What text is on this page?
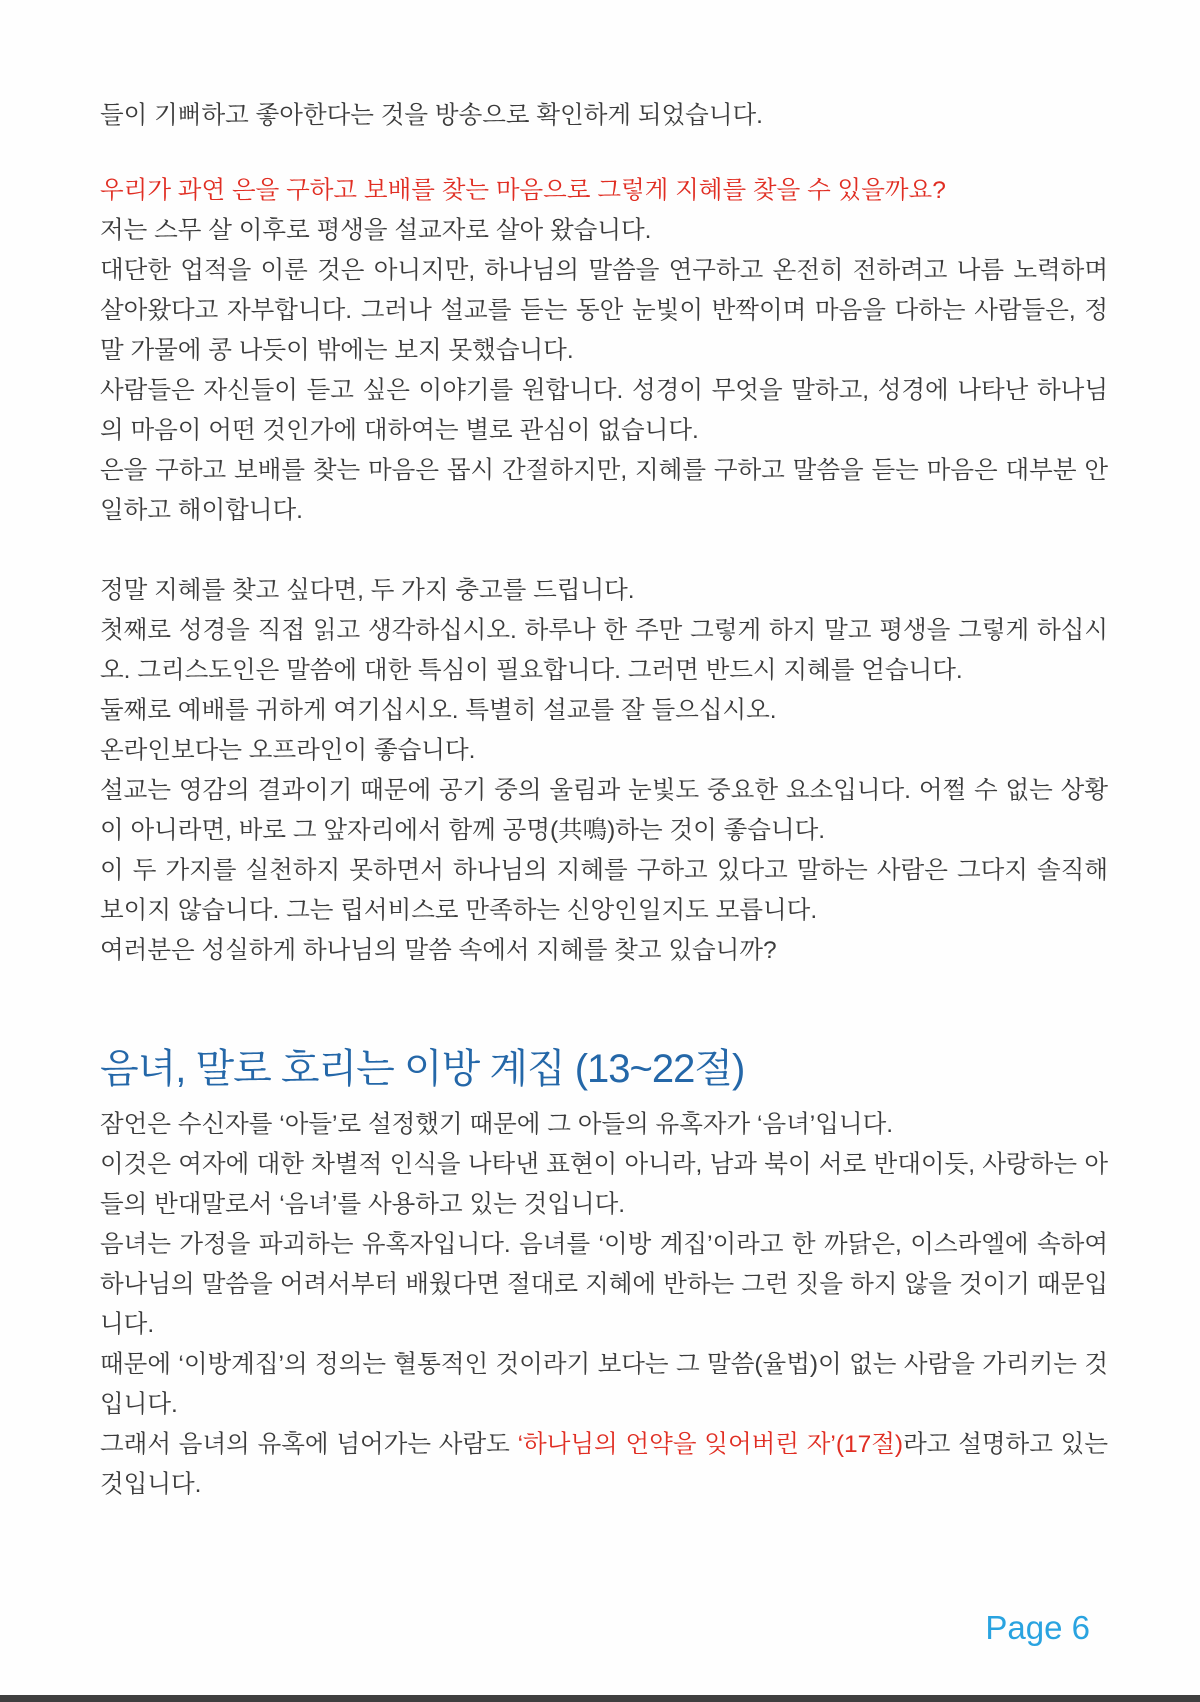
들이 기뻐하고 좋아한다는 것을 방송으로 확인하게 되었습니다.

우리가 과연 은을 구하고 보배를 찾는 마음으로 그렇게 지혜를 찾을 수 있을까요?

저는 스무 살 이후로 평생을 설교자로 살아 왔습니다.

대단한 업적을 이룬 것은 아니지만, 하나님의 말씀을 연구하고 온전히 전하려고 나름 노력하며 살아왔다고 자부합니다. 그러나 설교를 듣는 동안 눈빛이 반짝이며 마음을 다하는 사람들은, 정말 가물에 콩 나듯이 밖에는 보지 못했습니다.

사람들은 자신들이 듣고 싶은 이야기를 원합니다. 성경이 무엇을 말하고, 성경에 나타난 하나님의 마음이 어떤 것인가에 대하여는 별로 관심이 없습니다.

은을 구하고 보배를 찾는 마음은 몹시 간절하지만, 지혜를 구하고 말씀을 듣는 마음은 대부분 안일하고 해이합니다.

정말 지혜를 찾고 싶다면, 두 가지 충고를 드립니다.

첫째로 성경을 직접 읽고 생각하십시오. 하루나 한 주만 그렇게 하지 말고 평생을 그렇게 하십시오. 그리스도인은 말씀에 대한 특심이 필요합니다. 그러면 반드시 지혜를 얻습니다.

둘째로 예배를 귀하게 여기십시오. 특별히 설교를 잘 들으십시오.

온라인보다는 오프라인이 좋습니다.

설교는 영감의 결과이기 때문에 공기 중의 울림과 눈빛도 중요한 요소입니다. 어쩔 수 없는 상황이 아니라면, 바로 그 앞자리에서 함께 공명(共鳴)하는 것이 좋습니다.

이 두 가지를 실천하지 못하면서 하나님의 지혜를 구하고 있다고 말하는 사람은 그다지 솔직해 보이지 않습니다. 그는 립서비스로 만족하는 신앙인일지도 모릅니다.

여러분은 성실하게 하나님의 말씀 속에서 지혜를 찾고 있습니까?

음녀, 말로 호리는 이방 계집 (13~22절)

잠언은 수신자를 ‘아들’로 설정했기 때문에 그 아들의 유혹자가 ‘음녀’입니다.

이것은 여자에 대한 차별적 인식을 나타낸 표현이 아니라, 남과 북이 서로 반대이듯, 사랑하는 아들의 반대말로서 ‘음녀’를 사용하고 있는 것입니다.

음녀는 가정을 파괴하는 유혹자입니다. 음녀를 ‘이방 계집’이라고 한 까닭은, 이스라엘에 속하여 하나님의 말씀을 어려서부터 배웠다면 절대로 지혜에 반하는 그런 짓을 하지 않을 것이기 때문입니다.

때문에 ‘이방계집’의 정의는 혈통적인 것이라기 보다는 그 말씀(율법)이 없는 사람을 가리키는 것입니다.

그래서 음녀의 유혹에 넘어가는 사람도 ‘하나님의 언약을 잊어버린 자’(17절)라고 설명하고 있는 것입니다.

Page 6
